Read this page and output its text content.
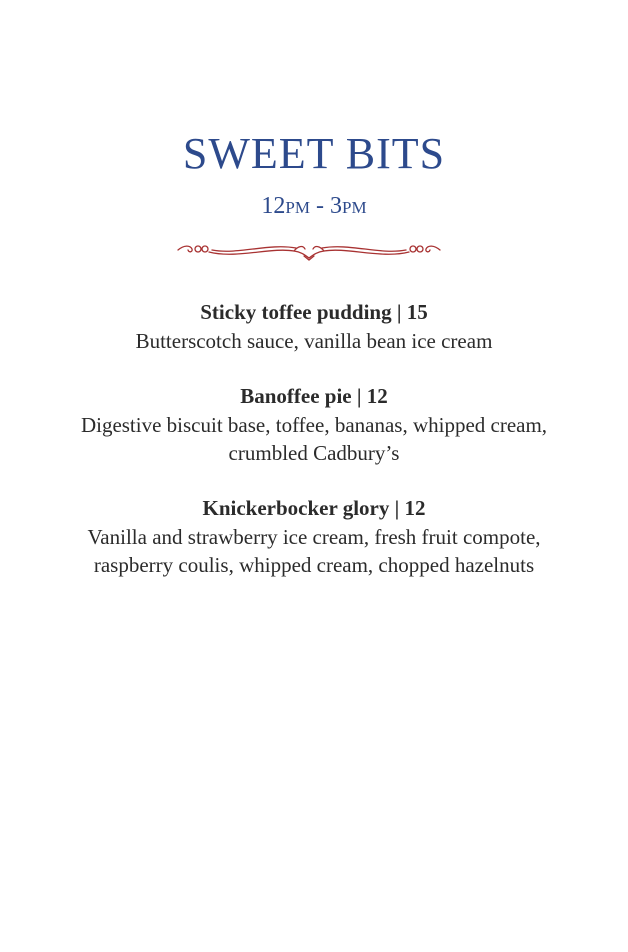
SWEET BITS
12pm - 3pm
Sticky toffee pudding | 15
Butterscotch sauce, vanilla bean ice cream
Banoffee pie | 12
Digestive biscuit base, toffee, bananas, whipped cream,
crumbled Cadbury’s
Knickerbocker glory | 12
Vanilla and strawberry ice cream, fresh fruit compote,
raspberry coulis, whipped cream, chopped hazelnuts
